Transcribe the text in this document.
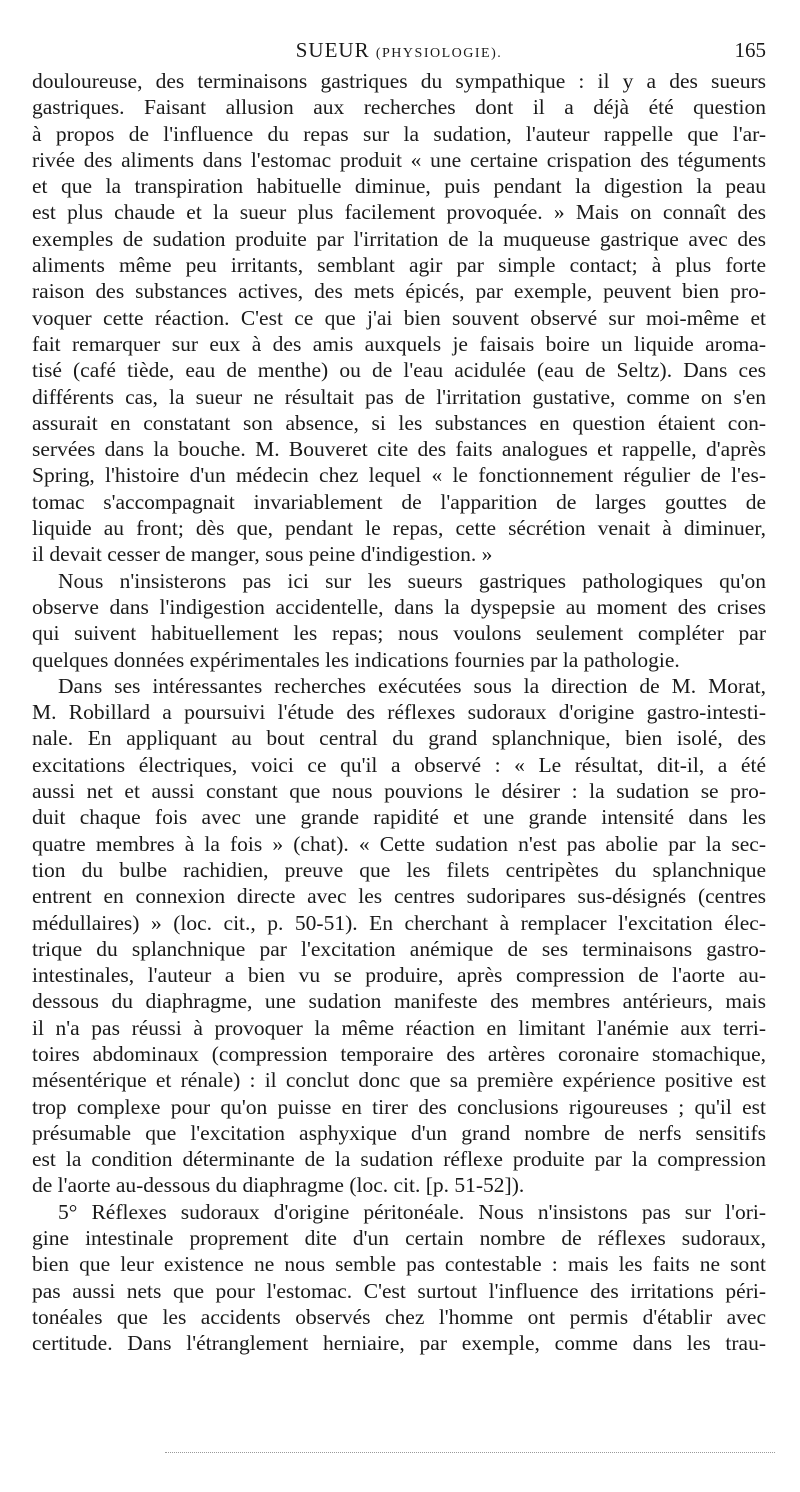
SUEUR (PHYSIOLOGIE).	165
douloureuse, des terminaisons gastriques du sympathique : il y a des sueurs
gastriques. Faisant allusion aux recherches dont il a déjà été question
à propos de l'influence du repas sur la sudation, l'auteur rappelle que l'ar-
rivée des aliments dans l'estomac produit « une certaine crispation des téguments
et que la transpiration habituelle diminue, puis pendant la digestion la peau
est plus chaude et la sueur plus facilement provoquée. » Mais on connaît des
exemples de sudation produite par l'irritation de la muqueuse gastrique avec des
aliments même peu irritants, semblant agir par simple contact; à plus forte
raison des substances actives, des mets épicés, par exemple, peuvent bien pro-
voquer cette réaction. C'est ce que j'ai bien souvent observé sur moi-même et
fait remarquer sur eux à des amis auxquels je faisais boire un liquide aroma-
tisé (café tiède, eau de menthe) ou de l'eau acidulée (eau de Seltz). Dans ces
différents cas, la sueur ne résultait pas de l'irritation gustative, comme on s'en
assurait en constatant son absence, si les substances en question étaient con-
servées dans la bouche. M. Bouveret cite des faits analogues et rappelle, d'après
Spring, l'histoire d'un médecin chez lequel « le fonctionnement régulier de l'es-
tomac s'accompagnait invariablement de l'apparition de larges gouttes de
liquide au front; dès que, pendant le repas, cette sécrétion venait à diminuer,
il devait cesser de manger, sous peine d'indigestion. »
Nous n'insisterons pas ici sur les sueurs gastriques pathologiques qu'on
observe dans l'indigestion accidentelle, dans la dyspepsie au moment des crises
qui suivent habituellement les repas; nous voulons seulement compléter par
quelques données expérimentales les indications fournies par la pathologie.
Dans ses intéressantes recherches exécutées sous la direction de M. Morat,
M. Robillard a poursuivi l'étude des réflexes sudoraux d'origine gastro-intesti-
nale. En appliquant au bout central du grand splanchnique, bien isolé, des
excitations électriques, voici ce qu'il a observé : « Le résultat, dit-il, a été
aussi net et aussi constant que nous pouvions le désirer : la sudation se pro-
duit chaque fois avec une grande rapidité et une grande intensité dans les
quatre membres à la fois » (chat). « Cette sudation n'est pas abolie par la sec-
tion du bulbe rachidien, preuve que les filets centripètes du splanchnique
entrent en connexion directe avec les centres sudoripares sus-désignés (centres
médullaires) » (loc. cit., p. 50-51). En cherchant à remplacer l'excitation élec-
trique du splanchnique par l'excitation anémique de ses terminaisons gastro-
intestinales, l'auteur a bien vu se produire, après compression de l'aorte au-
dessous du diaphragme, une sudation manifeste des membres antérieurs, mais
il n'a pas réussi à provoquer la même réaction en limitant l'anémie aux terri-
toires abdominaux (compression temporaire des artères coronaire stomachique,
mésentérique et rénale) : il conclut donc que sa première expérience positive est
trop complexe pour qu'on puisse en tirer des conclusions rigoureuses ; qu'il est
présumable que l'excitation asphyxique d'un grand nombre de nerfs sensitifs
est la condition déterminante de la sudation réflexe produite par la compression
de l'aorte au-dessous du diaphragme (loc. cit. [p. 51-52]).
5° Réflexes sudoraux d'origine péritonéale. Nous n'insistons pas sur l'ori-
gine intestinale proprement dite d'un certain nombre de réflexes sudoraux,
bien que leur existence ne nous semble pas contestable : mais les faits ne sont
pas aussi nets que pour l'estomac. C'est surtout l'influence des irritations péri-
tonéales que les accidents observés chez l'homme ont permis d'établir avec
certitude. Dans l'étranglement herniaire, par exemple, comme dans les trau-
